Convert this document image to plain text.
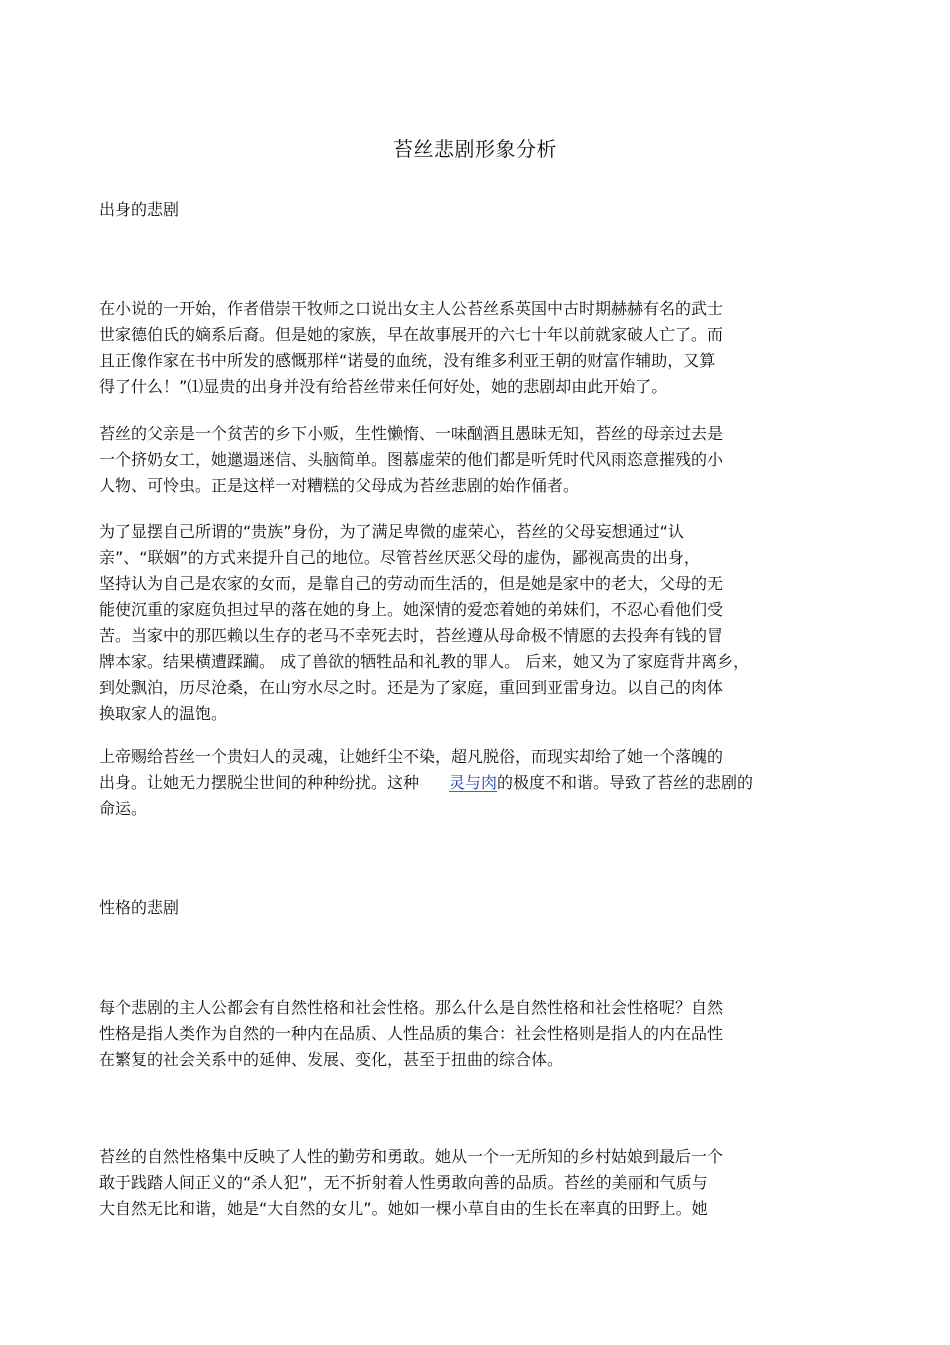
苔丝悲剧形象分析
出身的悲剧
在小说的一开始，作者借崇干牧师之口说出女主人公苔丝系英国中古时期赫赫有名的武士
世家德伯氏的嫡系后裔。但是她的家族，早在故事展开的六七十年以前就家破人亡了。而
且正像作家在书中所发的感慨那样“诺曼的血统，没有维多利亚王朝的财富作辅助，又算
得了什么！”⑴显贵的出身并没有给苔丝带来任何好处，她的悲剧却由此开始了。
苔丝的父亲是一个贫苦的乡下小贩，生性懒惰、一味酗酒且愚昧无知，苔丝的母亲过去是
一个挤奶女工，她邋遢迷信、头脑简单。图慕虚荣的他们都是听凭时代风雨恣意摧残的小
人物、可怜虫。正是这样一对糟糕的父母成为苔丝悲剧的始作俑者。
为了显摆自己所谓的“贵族”身份，为了满足卑微的虚荣心，苔丝的父母妄想通过“认
亲”、“联姻”的方式来提升自己的地位。尽管苔丝厌恶父母的虚伪，鄙视高贵的出身，
坚持认为自己是农家的女而，是靠自己的劳动而生活的，但是她是家中的老大，父母的无
能使沉重的家庭负担过早的落在她的身上。她深情的爱恋着她的弟妹们，不忍心看他们受
苦。当家中的那匹赖以生存的老马不幸死去时，苔丝遵从母命极不情愿的去投奔有钱的冒
牌本家。结果横遭蹂躏。 成了兽欲的牺牲品和礼教的罪人。 后来，她又为了家庭背井离乡，
到处飘泊，历尽沧桑，在山穷水尽之时。还是为了家庭，重回到亚雷身边。以自己的肉体
换取家人的温饱。
上帝赐给苔丝一个贵妇人的灵魂，让她纤尘不染，超凡脱俗，而现实却给了她一个落魄的
出身。让她无力摆脱尘世间的种种纷扰。这种 灵与肉的极度不和谐。导致了苔丝的悲剧的
命运。
性格的悲剧
每个悲剧的主人公都会有自然性格和社会性格。那么什么是自然性格和社会性格呢？自然
性格是指人类作为自然的一种内在品质、人性品质的集合：社会性格则是指人的内在品性
在繁复的社会关系中的延伸、发展、变化，甚至于扭曲的综合体。
苔丝的自然性格集中反映了人性的勤劳和勇敢。她从一个一无所知的乡村姑娘到最后一个
敢于践踏人间正义的“杀人犯”，无不折射着人性勇敢向善的品质。苔丝的美丽和气质与
大自然无比和谐，她是“大自然的女儿”。她如一棵小草自由的生长在率真的田野上。她
